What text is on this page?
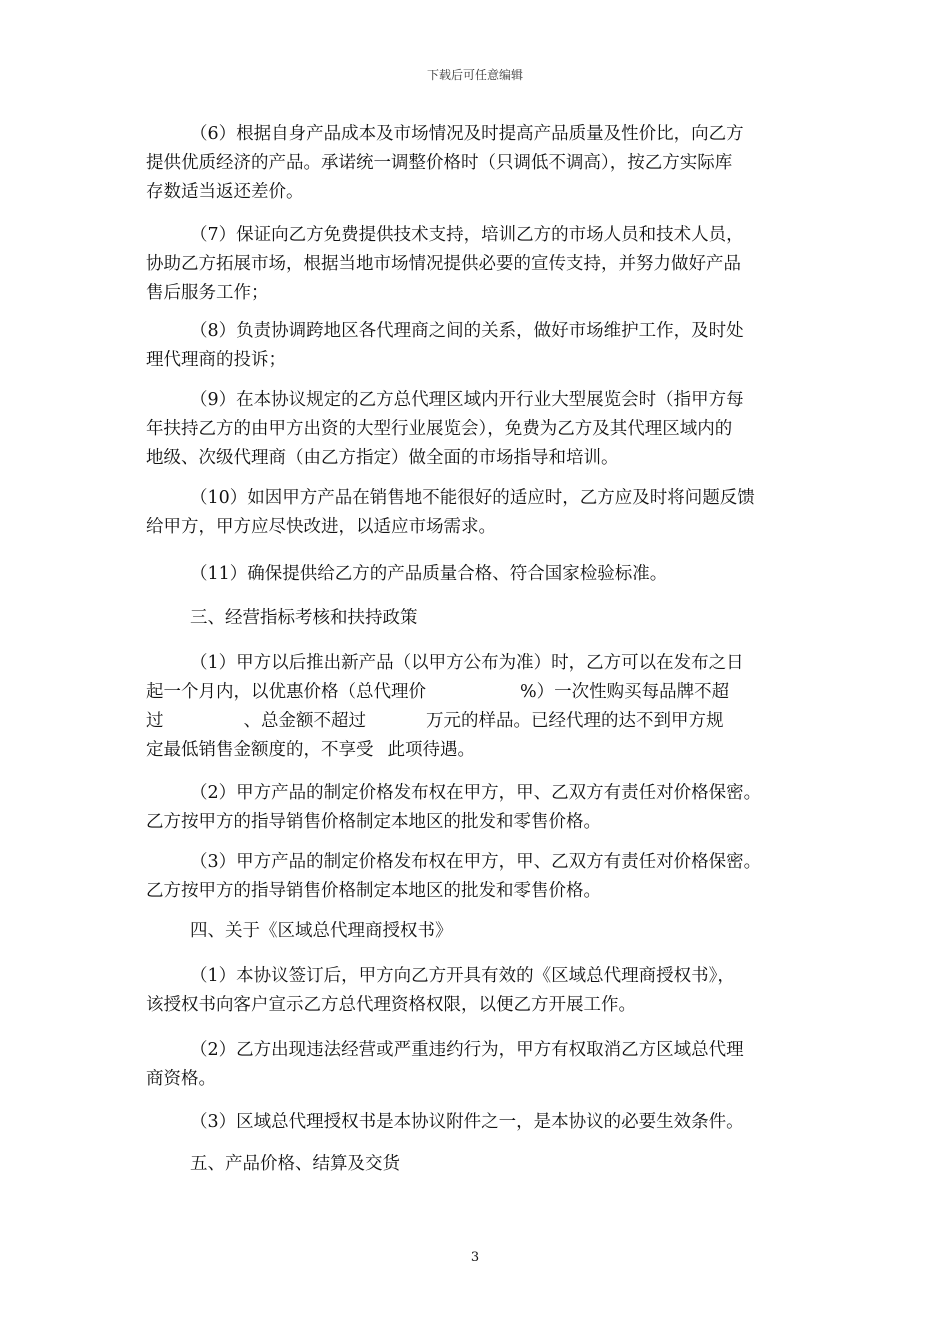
下载后可任意编辑
（6）根据自身产品成本及市场情况及时提高产品质量及性价比，向乙方
提供优质经济的产品。承诺统一调整价格时（只调低不调高），按乙方实际库
存数适当返还差价。
（7）保证向乙方免费提供技术支持，培训乙方的市场人员和技术人员，
协助乙方拓展市场，根据当地市场情况提供必要的宣传支持，并努力做好产品
售后服务工作；
（8）负责协调跨地区各代理商之间的关系，做好市场维护工作，及时处
理代理商的投诉；
（9）在本协议规定的乙方总代理区域内开行业大型展览会时（指甲方每
年扶持乙方的由甲方出资的大型行业展览会），免费为乙方及其代理区域内的
地级、次级代理商（由乙方指定）做全面的市场指导和培训。
（10）如因甲方产品在销售地不能很好的适应时，乙方应及时将问题反馈
给甲方，甲方应尽快改进，以适应市场需求。
（11）确保提供给乙方的产品质量合格、符合国家检验标准。
三、经营指标考核和扶持政策
（1）甲方以后推出新产品（以甲方公布为准）时，乙方可以在发布之日
起一个月内，以优惠价格（总代理价	%）一次性购买每品牌不超
过	、总金额不超过	万元的样品。已经代理的达不到甲方规
定最低销售金额度的，不享受 此项待遇。
（2）甲方产品的制定价格发布权在甲方，甲、乙双方有责任对价格保密。
乙方按甲方的指导销售价格制定本地区的批发和零售价格。
（3）甲方产品的制定价格发布权在甲方，甲、乙双方有责任对价格保密。
乙方按甲方的指导销售价格制定本地区的批发和零售价格。
四、关于《区域总代理商授权书》
（1）本协议签订后，甲方向乙方开具有效的《区域总代理商授权书》，
该授权书向客户宣示乙方总代理资格权限，以便乙方开展工作。
（2）乙方出现违法经营或严重违约行为，甲方有权取消乙方区域总代理
商资格。
（3）区域总代理授权书是本协议附件之一，是本协议的必要生效条件。
五、产品价格、结算及交货
3
